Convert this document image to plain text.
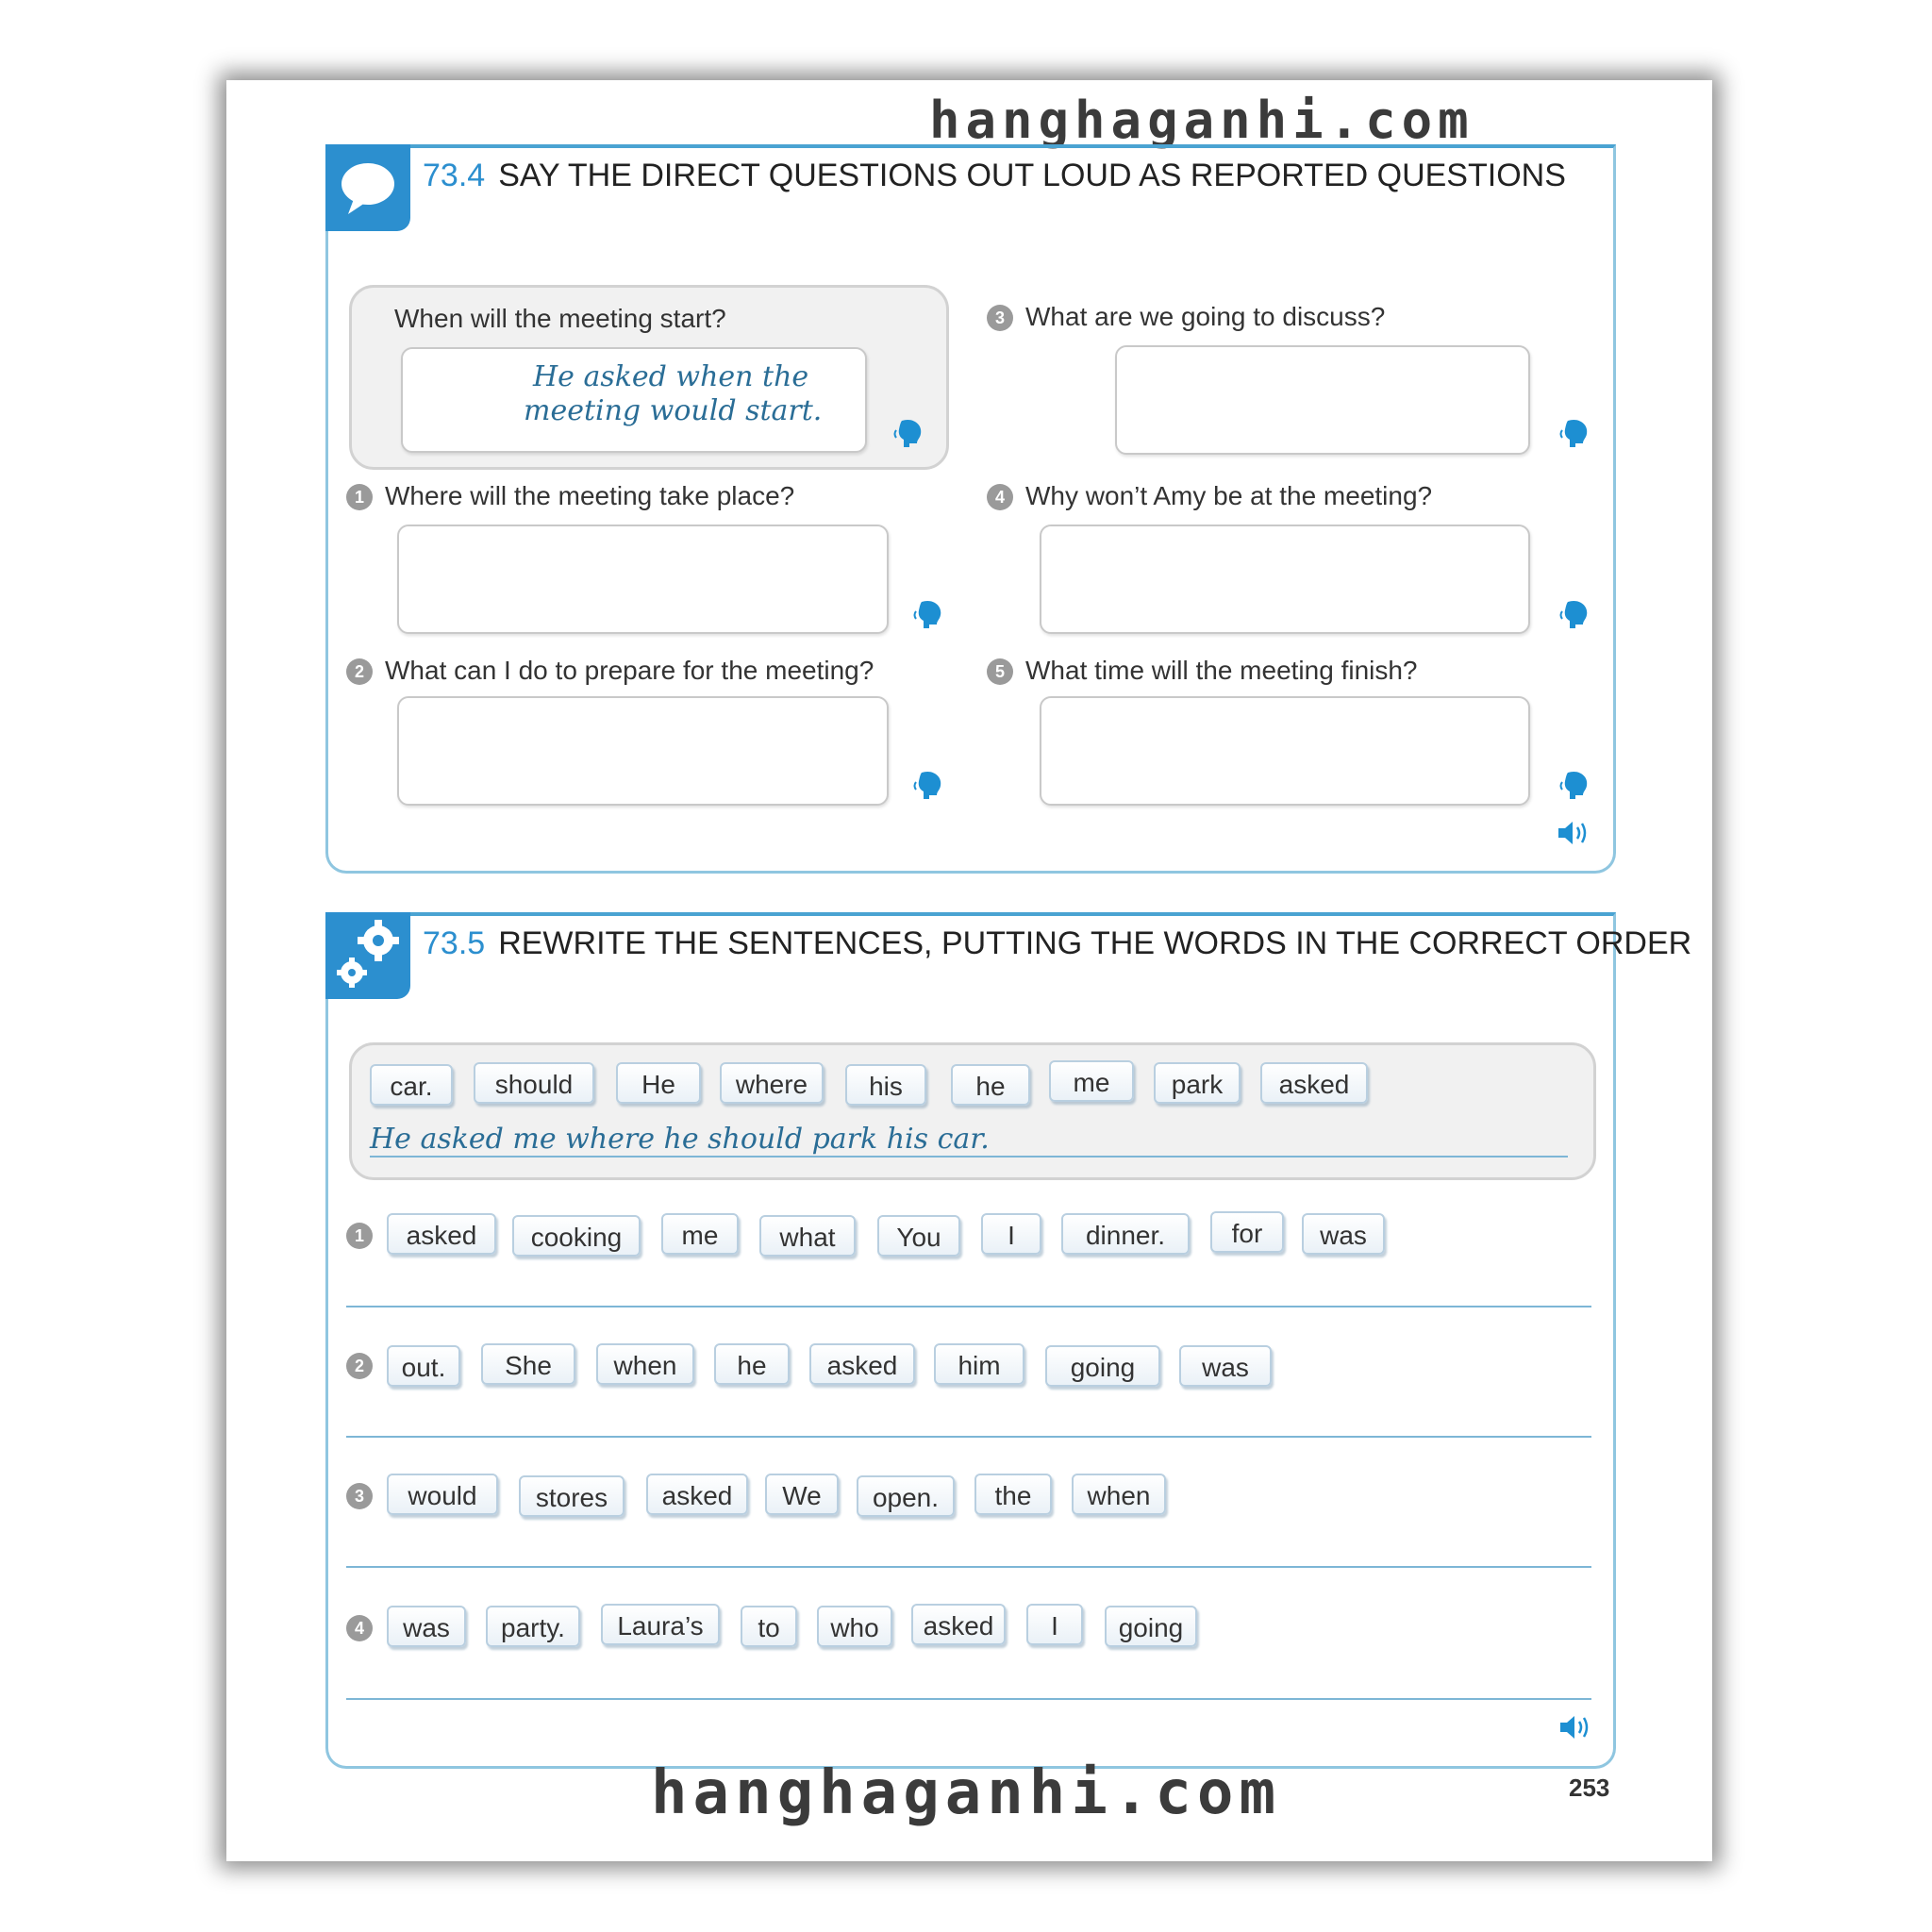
hanghaganhi.com
73.4 SAY THE DIRECT QUESTIONS OUT LOUD AS REPORTED QUESTIONS
When will the meeting start?
He asked when the
meeting would start.
1 Where will the meeting take place?
2 What can I do to prepare for the meeting?
3 What are we going to discuss?
4 Why won’t Amy be at the meeting?
5 What time will the meeting finish?
73.5 REWRITE THE SENTENCES, PUTTING THE WORDS IN THE CORRECT ORDER
He asked me where he should park his car.
car.	should	He	where	his	he	me	park	asked
1	asked	cooking	me	what	You	I	dinner.	for	was
2	out.	She	when	he	asked	him	going	was
3	would	stores	asked	We	open.	the	when
4	was	party.	Laura’s	to	who	asked	I	going
hanghaganhi.com	253
